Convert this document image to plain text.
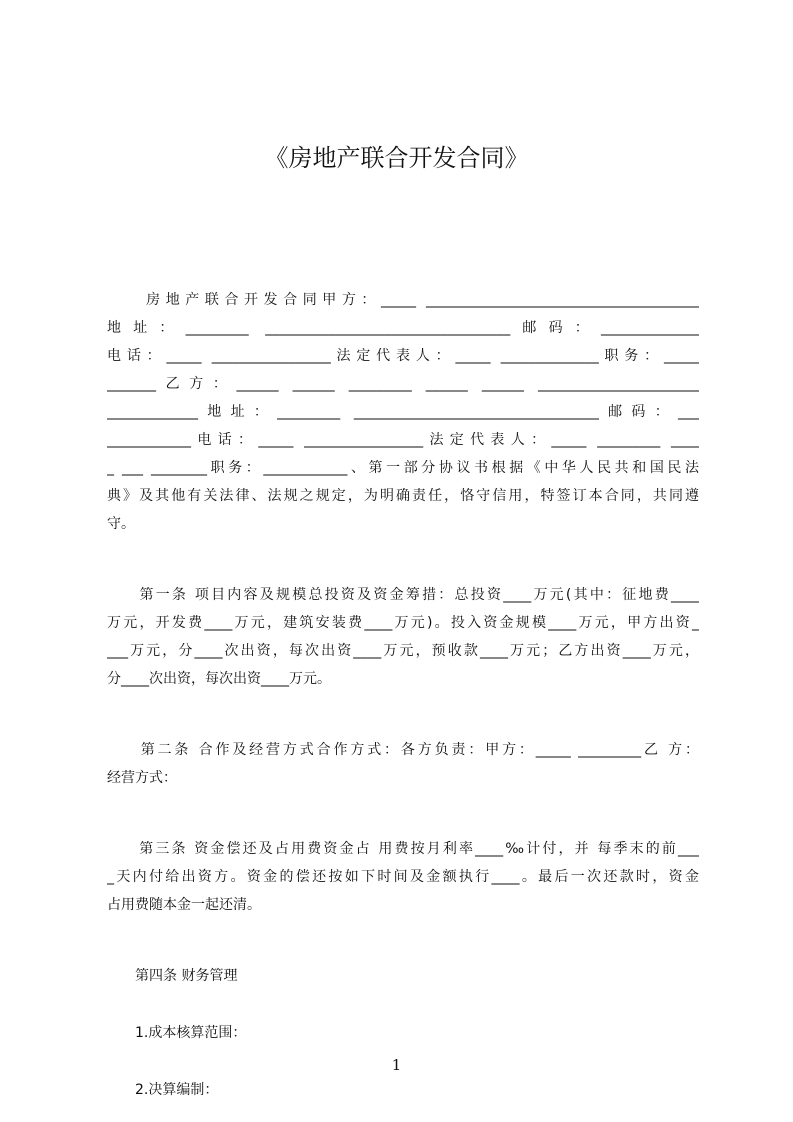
《房地产联合开发合同》
　　房地产联合开发合同甲方：_____ _______________________________________
地址：_________ ___________________________________邮码：______________
电话：_____ _________________法定代表人：_____ ______________职务：_____
_______乙方：______ ______ _________ ______ ______ _______________________
_____________地址：_________ ___________________________________邮码：___
____________电话：_____ _________________法定代表人：_____ _________ ____
_ ___ ________职务：____________、第一部分协议书根据《中华人民共和国民法
典》及其他有关法律、法规之规定，为明确责任，恪守信用，特签订本合同，共同遵
守。
　　第一条 项目内容及规模总投资及资金筹措：总投资____万元(其中：征地费____
万元，开发费____万元，建筑安装费____万元)。投入资金规模____万元，甲方出资_
___万元，分____次出资，每次出资____万元，预收款____万元；乙方出资____万元，
分____次出资，每次出资____万元。
　　第二条 合作及经营方式合作方式：各方负责：甲方：_____ _________乙 方：
经营方式：
　　第三条 资金偿还及占用费资金占 用费按月利率____‰计付，并 每季末的前___
_天内付给出资方。资金的偿还按如下时间及金额执行____。最后一次还款时，资金
占用费随本金一起还清。
第四条 财务管理
1.成本核算范围：
2.决算编制：
1
